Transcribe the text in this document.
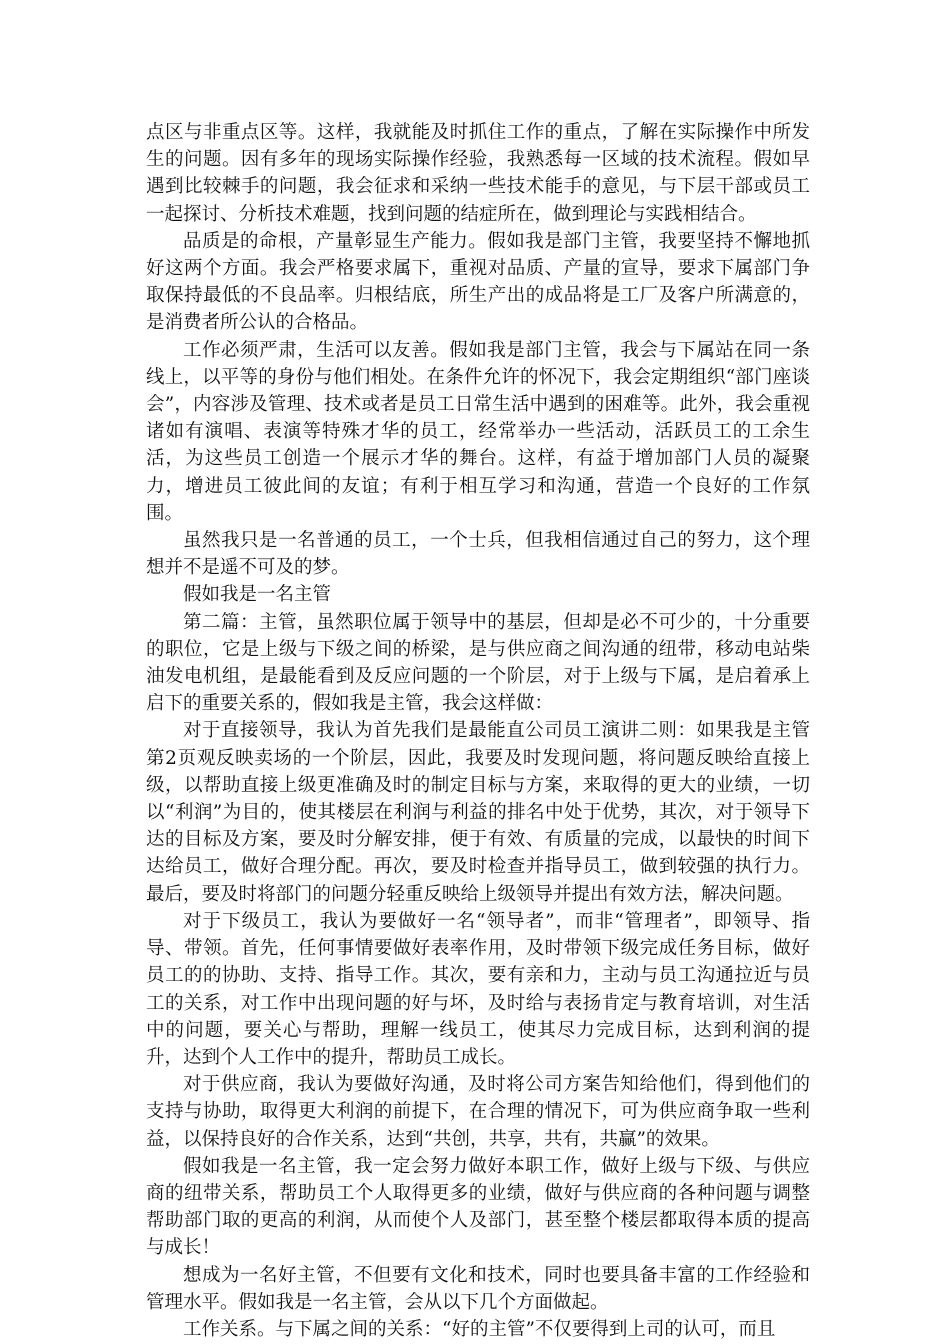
点区与非重点区等。这样，我就能及时抓住工作的重点，了解在实际操作中所发生的问题。因有多年的现场实际操作经验，我熟悉每一区域的技术流程。假如早遇到比较棘手的问题，我会征求和采纳一些技术能手的意见，与下层干部或员工一起探讨、分析技术难题，找到问题的结症所在，做到理论与实践相结合。

品质是的命根，产量彰显生产能力。假如我是部门主管，我要坚持不懈地抓好这两个方面。我会严格要求属下，重视对品质、产量的宣导，要求下属部门争取保持最低的不良品率。归根结底，所生产出的成品将是工厂及客户所满意的，是消费者所公认的合格品。

工作必须严肃，生活可以友善。假如我是部门主管，我会与下属站在同一条线上，以平等的身份与他们相处。在条件允许的怀况下，我会定期组织“部门座谈会”，内容涉及管理、技术或者是员工日常生活中遇到的困难等。此外，我会重视诸如有演唱、表演等特殊才华的员工，经常举办一些活动，活跃员工的工余生活，为这些员工创造一个展示才华的舞台。这样，有益于增加部门人员的凝聚力，增进员工彼此间的友谊；有利于相互学习和沟通，营造一个良好的工作氛围。

虽然我只是一名普通的员工，一个士兵，但我相信通过自己的努力，这个理想并不是遥不可及的梦。

假如我是一名主管

第二篇：主管，虽然职位属于领导中的基层，但却是必不可少的，十分重要的职位，它是上级与下级之间的桥梁，是与供应商之间沟通的纽带，移动电站柴油发电机组，是最能看到及反应问题的一个阶层，对于上级与下属，是启着承上启下的重要关系的，假如我是主管，我会这样做：

对于直接领导，我认为首先我们是最能直公司员工演讲二则：如果我是主管第2页观反映卖场的一个阶层，因此，我要及时发现问题，将问题反映给直接上级，以帮助直接上级更准确及时的制定目标与方案，来取得的更大的业绩，一切以“利润”为目的，使其楼层在利润与利益的排名中处于优势，其次，对于领导下达的目标及方案，要及时分解安排，便于有效、有质量的完成，以最快的时间下达给员工，做好合理分配。再次，要及时检查并指导员工，做到较强的执行力。最后，要及时将部门的问题分轻重反映给上级领导并提出有效方法，解决问题。

对于下级员工，我认为要做好一名“领导者”，而非“管理者”，即领导、指导、带领。首先，任何事情要做好表率作用，及时带领下级完成任务目标，做好员工的的协助、支持、指导工作。其次，要有亲和力，主动与员工沟通拉近与员工的关系，对工作中出现问题的好与坏，及时给与表扬肯定与教育培训，对生活中的问题，要关心与帮助，理解一线员工，使其尽力完成目标，达到利润的提升，达到个人工作中的提升，帮助员工成长。

对于供应商，我认为要做好沟通，及时将公司方案告知给他们，得到他们的支持与协助，取得更大利润的前提下，在合理的情况下，可为供应商争取一些利益，以保持良好的合作关系，达到“共创，共享，共有，共赢”的效果。

假如我是一名主管，我一定会努力做好本职工作，做好上级与下级、与供应商的纽带关系，帮助员工个人取得更多的业绩，做好与供应商的各种问题与调整帮助部门取的更高的利润，从而使个人及部门，甚至整个楼层都取得本质的提高与成长！

想成为一名好主管，不但要有文化和技术，同时也要具备丰富的工作经验和管理水平。假如我是一名主管，会从以下几个方面做起。

工作关系。与下属之间的关系：“好的主管”不仅要得到上司的认可，而且
